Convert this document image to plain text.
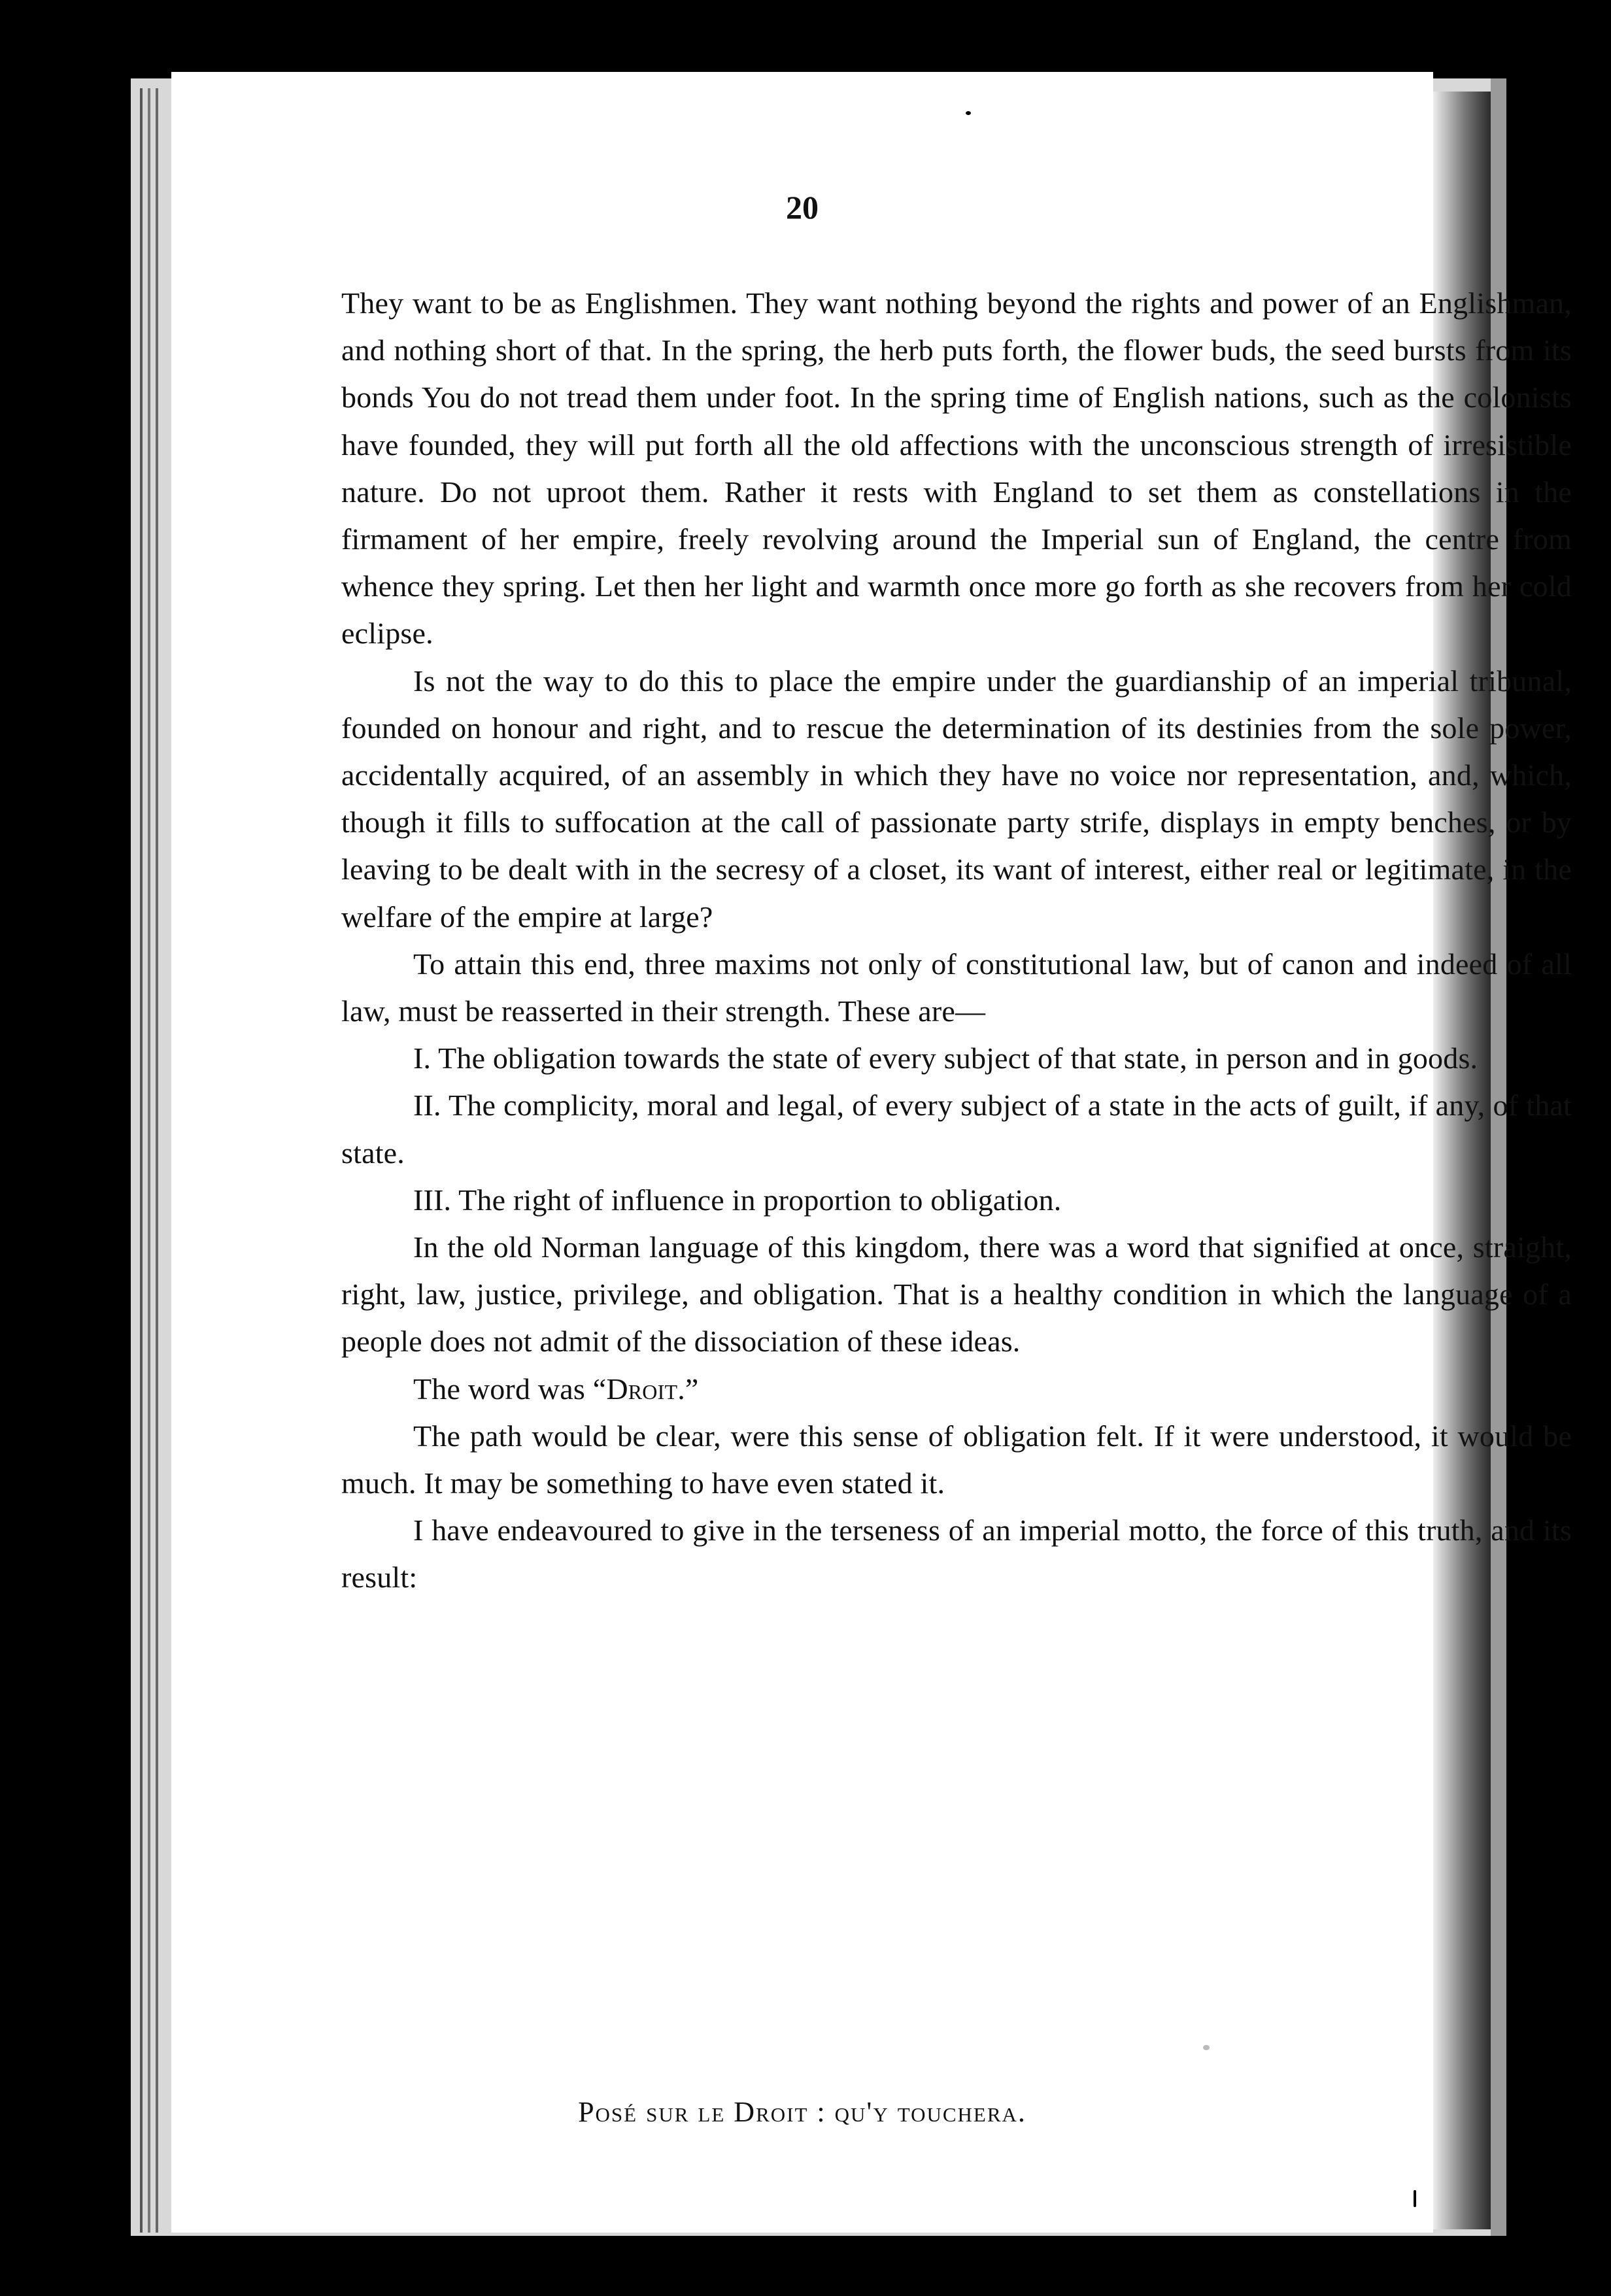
20

They want to be as Englishmen. They want nothing beyond the rights and power of an Englishman, and nothing short of that. In the spring, the herb puts forth, the flower buds, the seed bursts from its bonds You do not tread them under foot. In the spring time of English nations, such as the colonists have founded, they will put forth all the old affections with the unconscious strength of irresistible nature. Do not uproot them. Rather it rests with England to set them as constellations in the firmament of her empire, freely revolving around the Imperial sun of England, the centre from whence they spring. Let then her light and warmth once more go forth as she recovers from her cold eclipse.

Is not the way to do this to place the empire under the guardianship of an imperial tribunal, founded on honour and right, and to rescue the determination of its destinies from the sole power, accidentally acquired, of an assembly in which they have no voice nor representation, and, which, though it fills to suffocation at the call of passionate party strife, displays in empty benches, or by leaving to be dealt with in the secresy of a closet, its want of interest, either real or legitimate, in the welfare of the empire at large?

To attain this end, three maxims not only of constitutional law, but of canon and indeed of all law, must be reasserted in their strength. These are—

I. The obligation towards the state of every subject of that state, in person and in goods.

II. The complicity, moral and legal, of every subject of a state in the acts of guilt, if any, of that state.

III. The right of influence in proportion to obligation.

In the old Norman language of this kingdom, there was a word that signified at once, straight, right, law, justice, privilege, and obligation. That is a healthy condition in which the language of a people does not admit of the dissociation of these ideas.

The word was “Droit.”

The path would be clear, were this sense of obligation felt. If it were understood, it would be much. It may be something to have even stated it.

I have endeavoured to give in the terseness of an imperial motto, the force of this truth, and its result:

Posé sur le Droit : qu'y touchera.
